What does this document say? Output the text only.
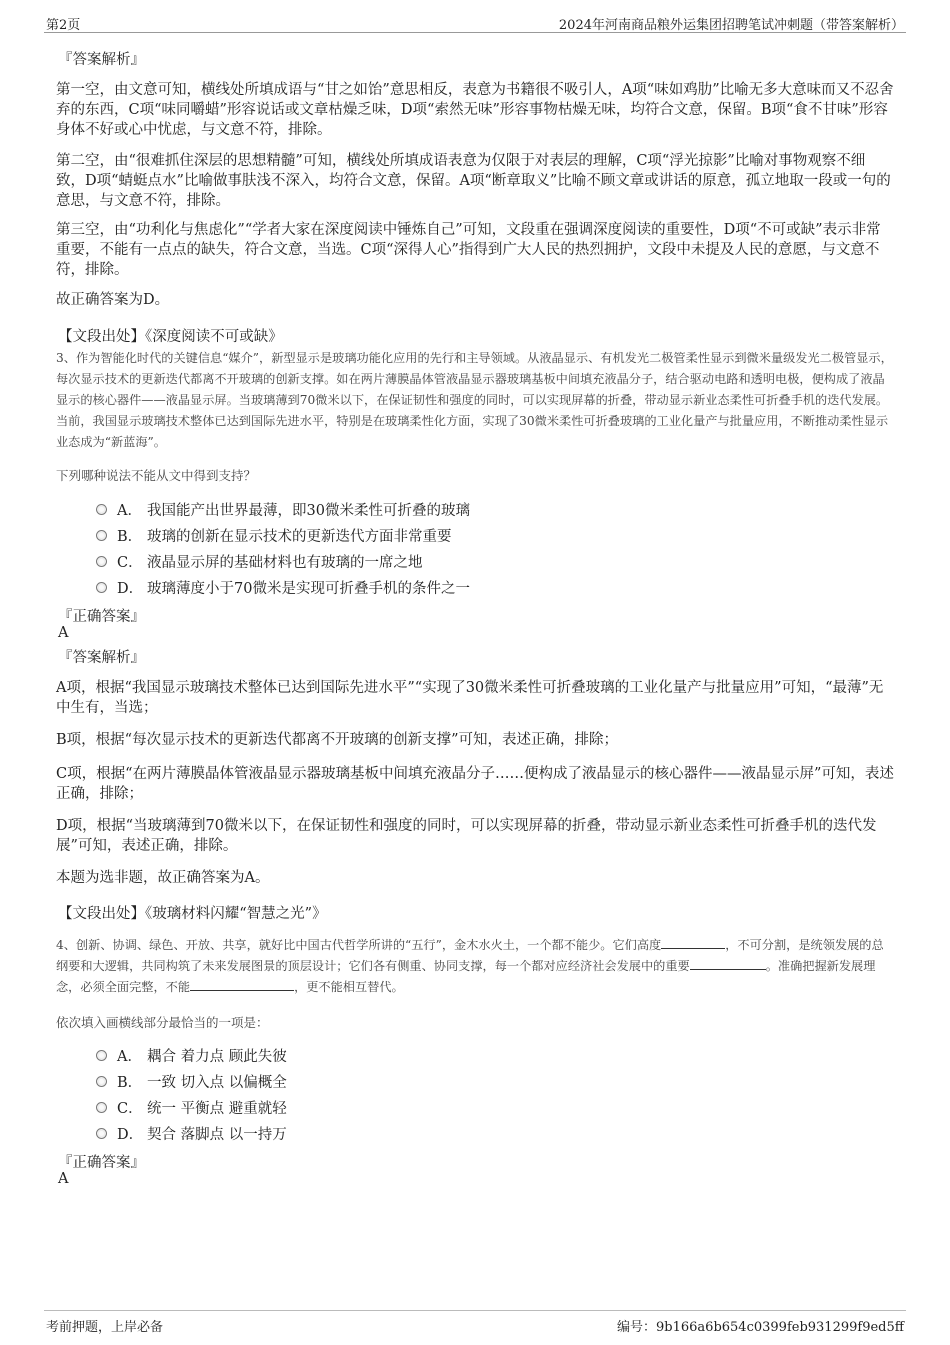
第2页	2024年河南商品粮外运集团招聘笔试冲刺题（带答案解析）
『答案解析』
第一空，由文意可知，横线处所填成语与“甘之如饴”意思相反，表意为书籍很不吸引人，A项“味如鸡肋”比喻无多大意味而又不忍舍弃的东西，C项“味同嚼蜡”形容说话或文章枯燥乏味，D项“索然无味”形容事物枯燥无味，均符合文意，保留。B项“食不甘味”形容身体不好或心中忧虑，与文意不符，排除。
第二空，由“很难抓住深层的思想精髓”可知，横线处所填成语表意为仅限于对表层的理解，C项“浮光掠影”比喻对事物观察不细致，D项“蜻蜓点水”比喻做事肤浅不深入，均符合文意，保留。A项“断章取义”比喻不顾文章或讲话的原意，孤立地取一段或一句的意思，与文意不符，排除。
第三空，由“功利化与焦虑化”“学者大家在深度阅读中锤炼自己”可知，文段重在强调深度阅读的重要性，D项“不可或缺”表示非常重要，不能有一点点的缺失，符合文意，当选。C项“深得人心”指得到广大人民的热烈拥护，文段中未提及人民的意愿，与文意不符，排除。
故正确答案为D。
【文段出处】《深度阅读不可或缺》
3、作为智能化时代的关键信息“媒介”，新型显示是玻璃功能化应用的先行和主导领域。从液晶显示、有机发光二极管柔性显示到微米量级发光二极管显示，每次显示技术的更新迭代都离不开玻璃的创新支撑。如在两片薄膜晶体管液晶显示器玻璃基板中间填充液晶分子，结合驱动电路和透明电极，便构成了液晶显示的核心器件——液晶显示屏。当玻璃薄到70微米以下，在保证韧性和强度的同时，可以实现屏幕的折叠，带动显示新业态柔性可折叠手机的迭代发展。当前，我国显示玻璃技术整体已达到国际先进水平，特别是在玻璃柔性化方面，实现了30微米柔性可折叠玻璃的工业化量产与批量应用，不断推动柔性显示业态成为“新蓝海”。
下列哪种说法不能从文中得到支持？
A． 我国能产出世界最薄，即30微米柔性可折叠的玻璃
B． 玻璃的创新在显示技术的更新迭代方面非常重要
C． 液晶显示屏的基础材料也有玻璃的一席之地
D． 玻璃薄度小于70微米是实现可折叠手机的条件之一
『正确答案』
A
『答案解析』
A项，根据“我国显示玻璃技术整体已达到国际先进水平”“实现了30微米柔性可折叠玻璃的工业化量产与批量应用”可知，“最薄”无中生有，当选；
B项，根据“每次显示技术的更新迭代都离不开玻璃的创新支撑”可知，表述正确，排除；
C项，根据“在两片薄膜晶体管液晶显示器玻璃基板中间填充液晶分子……便构成了液晶显示的核心器件——液晶显示屏”可知，表述正确，排除；
D项，根据“当玻璃薄到70微米以下，在保证韧性和强度的同时，可以实现屏幕的折叠，带动显示新业态柔性可折叠手机的迭代发展”可知，表述正确，排除。
本题为选非题，故正确答案为A。
【文段出处】《玻璃材料闪耀“智慧之光”》
4、创新、协调、绿色、开放、共享，就好比中国古代哲学所讲的“五行”，金木水火土，一个都不能少。它们高度	，不可分割，是统领发展的总纲要和大逻辑，共同构筑了未来发展图景的顶层设计；它们各有侧重、协同支撑，每一个都对应经济社会发展中的重要	。准确把握新发展理念，必须全面完整，不能	，更不能相互替代。
依次填入画横线部分最恰当的一项是：
A． 耦合 着力点 顾此失彼
B． 一致 切入点 以偏概全
C． 统一 平衡点 避重就轻
D． 契合 落脚点 以一持万
『正确答案』
A
考前押题，上岸必备	编号：9b166a6b654c0399feb931299f9ed5ff
